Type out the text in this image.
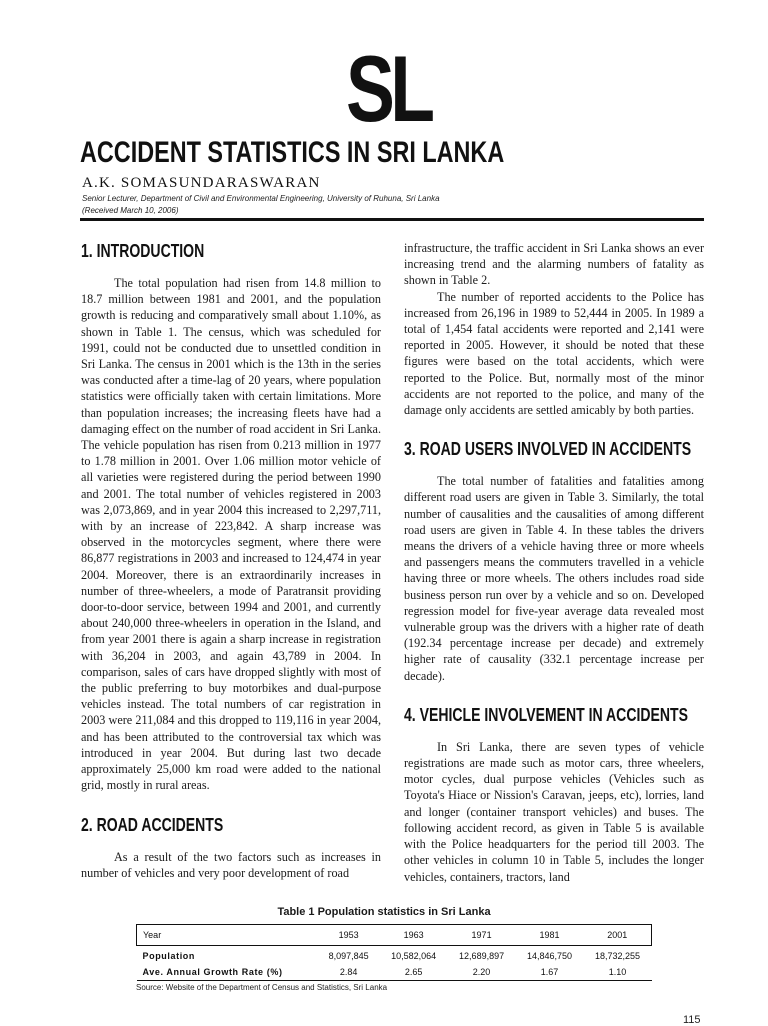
SL
ACCIDENT STATISTICS IN SRI LANKA
A.K. SOMASUNDARASWARAN
Senior Lecturer, Department of Civil and Environmental Engineering, University of Ruhuna, Sri Lanka
(Received March 10, 2006)
1. INTRODUCTION

The total population had risen from 14.8 million to 18.7 million between 1981 and 2001, and the population growth is reducing and comparatively small about 1.10%, as shown in Table 1. The census, which was scheduled for 1991, could not be conducted due to unsettled condition in Sri Lanka. The census in 2001 which is the 13th in the series was conducted after a time-lag of 20 years, where population statistics were officially taken with certain limitations. More than population increases; the increasing fleets have had a damaging effect on the number of road accident in Sri Lanka. The vehicle population has risen from 0.213 million in 1977 to 1.78 million in 2001. Over 1.06 million motor vehicle of all varieties were registered during the period between 1990 and 2001. The total number of vehicles registered in 2003 was 2,073,869, and in year 2004 this increased to 2,297,711, with by an increase of 223,842. A sharp increase was observed in the motorcycles segment, where there were 86,877 registrations in 2003 and increased to 124,474 in year 2004. Moreover, there is an extraordinarily increases in number of three-wheelers, a mode of Paratransit providing door-to-door service, between 1994 and 2001, and currently about 240,000 three-wheelers in operation in the Island, and from year 2001 there is again a sharp increase in registration with 36,204 in 2003, and again 43,789 in 2004. In comparison, sales of cars have dropped slightly with most of the public preferring to buy motorbikes and dual-purpose vehicles instead. The total numbers of car registration in 2003 were 211,084 and this dropped to 119,116 in year 2004, and has been attributed to the controversial tax which was introduced in year 2004. But during last two decade approximately 25,000 km road were added to the national grid, mostly in rural areas.

2. ROAD ACCIDENTS

As a result of the two factors such as increases in number of vehicles and very poor development of road

infrastructure, the traffic accident in Sri Lanka shows an ever increasing trend and the alarming numbers of fatality as shown in Table 2.

The number of reported accidents to the Police has increased from 26,196 in 1989 to 52,444 in 2005. In 1989 a total of 1,454 fatal accidents were reported and 2,141 were reported in 2005. However, it should be noted that these figures were based on the total accidents, which were reported to the Police. But, normally most of the minor accidents are not reported to the police, and many of the damage only accidents are settled amicably by both parties.

3. ROAD USERS INVOLVED IN ACCIDENTS

The total number of fatalities and fatalities among different road users are given in Table 3. Similarly, the total number of causalities and the causalities of among different road users are given in Table 4. In these tables the drivers means the drivers of a vehicle having three or more wheels and passengers means the commuters travelled in a vehicle having three or more wheels. The others includes road side business person run over by a vehicle and so on. Developed regression model for five-year average data revealed most vulnerable group was the drivers with a higher rate of death (192.34 percentage increase per decade) and extremely higher rate of causality (332.1 percentage increase per decade).

4. VEHICLE INVOLVEMENT IN ACCIDENTS

In Sri Lanka, there are seven types of vehicle registrations are made such as motor cars, three wheelers, motor cycles, dual purpose vehicles (Vehicles such as Toyota's Hiace or Nission's Caravan, jeeps, etc), lorries, land and longer (container transport vehicles) and buses. The following accident record, as given in Table 5 is available with the Police headquarters for the period till 2003. The other vehicles in column 10 in Table 5, includes the longer vehicles, containers, tractors, land

Table 1 Population statistics in Sri Lanka
Year	1953	1963	1971	1981	2001
Population	8,097,845	10,582,064	12,689,897	14,846,750	18,732,255
Ave. Annual Growth Rate (%)	2.84	2.65	2.20	1.67	1.10
Source: Website of the Department of Census and Statistics, Sri Lanka
115
